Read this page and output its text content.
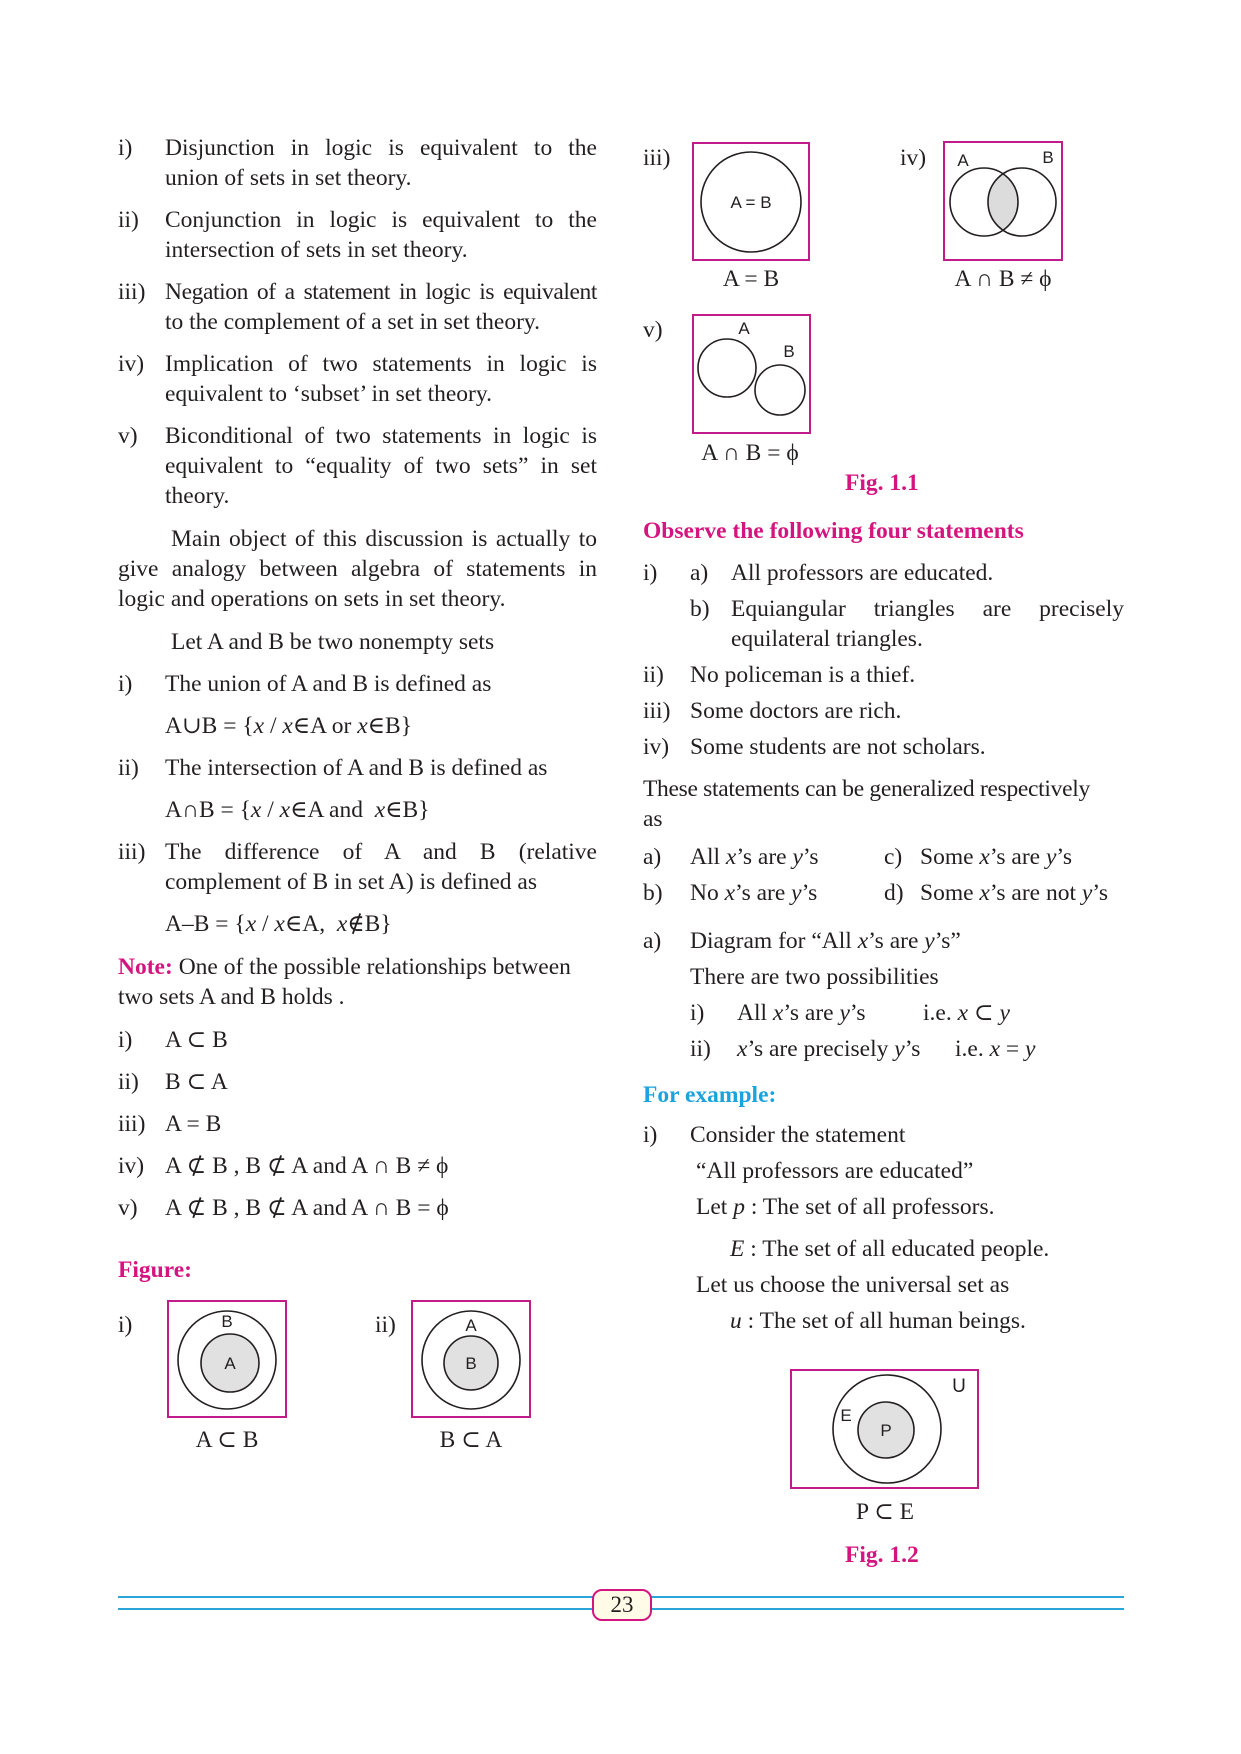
i) Disjunction in logic is equivalent to the
union of sets in set theory.
ii) Conjunction in logic is equivalent to the
intersection of sets in set theory.
iii) Negation of a statement in logic is equivalent
to the complement of a set in set theory.
iv) Implication of two statements in logic is
equivalent to ‘subset’ in set theory.
v) Biconditional of two statements in logic is
equivalent to “equality of two sets” in set
theory.
Main object of this discussion is actually to
give analogy between algebra of statements in
logic and operations on sets in set theory.
Let A and B be two nonempty sets
i) The union of A and B is defined as
A∪B = {x / x∈A or x∈B}
ii) The intersection of A and B is defined as
A∩B = {x / x∈A and  x∈B}
iii) The difference of A and B (relative
complement of B in set A) is defined as
A–B = {x / x∈A,  x∉B}
Note: One of the possible relationships between
two sets A and B holds .
i) A ⊂ B
ii) B ⊂ A
iii) A = B
iv) A ⊄ B , B ⊄ A and A ∩ B ≠ ϕ
v) A ⊄ B , B ⊄ A and A ∩ B = ϕ
Figure:
i)	B
A
A ⊂ B
ii)	A
B
B ⊂ A
iii)
A = B
A = B
iv) A	B
A ∩ B ≠ ϕ
v)	A
B
A ∩ B = ϕ
Fig. 1.1
Observe the following four statements
i) a) All professors are educated.
b) Equiangular triangles are precisely
equilateral triangles.
ii) No policeman is a thief.
iii) Some doctors are rich.
iv) Some students are not scholars.
These statements can be generalized respectively
as
a) All x’s are y’s	c) Some x’s are y’s
b) No x’s are y’s	d) Some x’s are not y’s
a) Diagram for “All x’s are y’s”
There are two possibilities
i) All x’s are y’s i.e. x ⊂ y
ii) x’s are precisely y’s i.e. x = y
For example:
i) Consider the statement
“All professors are educated”
Let p : The set of all professors.
E : The set of all educated people.
Let us choose the universal set as
u : The set of all human beings.
U
E
P
P ⊂ E
Fig. 1.2
23
